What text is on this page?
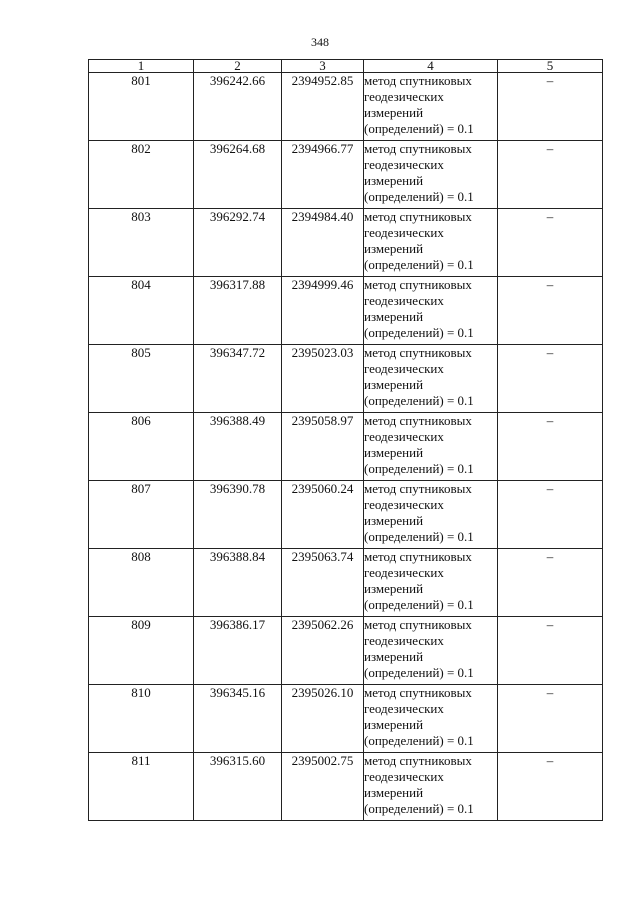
348
1	2	3	4	5
801	396242.66	2394952.85	метод спутниковых геодезических измерений (определений) = 0.1	–
802	396264.68	2394966.77	метод спутниковых геодезических измерений (определений) = 0.1	–
803	396292.74	2394984.40	метод спутниковых геодезических измерений (определений) = 0.1	–
804	396317.88	2394999.46	метод спутниковых геодезических измерений (определений) = 0.1	–
805	396347.72	2395023.03	метод спутниковых геодезических измерений (определений) = 0.1	–
806	396388.49	2395058.97	метод спутниковых геодезических измерений (определений) = 0.1	–
807	396390.78	2395060.24	метод спутниковых геодезических измерений (определений) = 0.1	–
808	396388.84	2395063.74	метод спутниковых геодезических измерений (определений) = 0.1	–
809	396386.17	2395062.26	метод спутниковых геодезических измерений (определений) = 0.1	–
810	396345.16	2395026.10	метод спутниковых геодезических измерений (определений) = 0.1	–
811	396315.60	2395002.75	метод спутниковых геодезических измерений (определений) = 0.1	–
